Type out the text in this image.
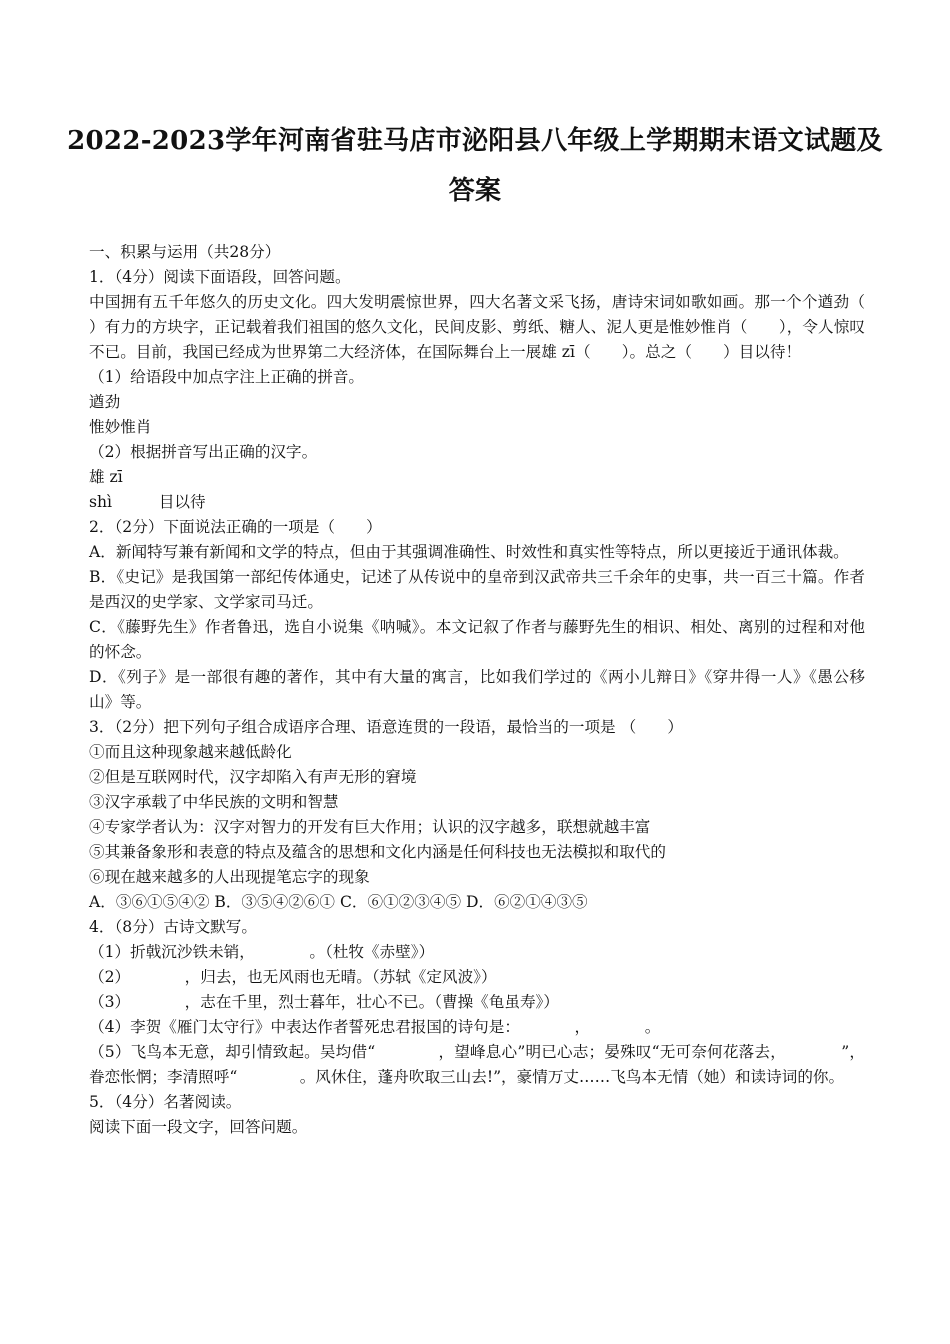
2022-2023学年河南省驻马店市泌阳县八年级上学期期末语文试题及
答案

一、积累与运用（共28分）

1．（4分）阅读下面语段，回答问题。

中国拥有五千年悠久的历史文化。四大发明震惊世界，四大名著文采飞扬，唐诗宋词如歌如画。那一个个遒劲（　　）有力的方块字，正记载着我们祖国的悠久文化，民间皮影、剪纸、糖人、泥人更是惟妙惟肖（　　），令人惊叹不已。目前，我国已经成为世界第二大经济体，在国际舞台上一展雄 zī（　　）。总之（　　）目以待！

（1）给语段中加点字注上正确的拼音。

遒劲

惟妙惟肖

（2）根据拼音写出正确的汉字。

雄 zī

shì　　　目以待

2．（2分）下面说法正确的一项是（　　）

A．新闻特写兼有新闻和文学的特点，但由于其强调准确性、时效性和真实性等特点，所以更接近于通讯体裁。

B．《史记》是我国第一部纪传体通史，记述了从传说中的皇帝到汉武帝共三千余年的史事，共一百三十篇。作者是西汉的史学家、文学家司马迁。

C．《藤野先生》作者鲁迅，选自小说集《呐喊》。本文记叙了作者与藤野先生的相识、相处、离别的过程和对他的怀念。

D．《列子》是一部很有趣的著作，其中有大量的寓言，比如我们学过的《两小儿辩日》《穿井得一人》《愚公移山》等。

3．（2分）把下列句子组合成语序合理、语意连贯的一段语，最恰当的一项是 （　　）

①而且这种现象越来越低龄化

②但是互联网时代，汉字却陷入有声无形的窘境

③汉字承载了中华民族的文明和智慧

④专家学者认为：汉字对智力的开发有巨大作用；认识的汉字越多，联想就越丰富

⑤其兼备象形和表意的特点及蕴含的思想和文化内涵是任何科技也无法模拟和取代的

⑥现在越来越多的人出现提笔忘字的现象

A．③⑥①⑤④② B．③⑤④②⑥① C．⑥①②③④⑤ D．⑥②①④③⑤

4．（8分）古诗文默写。

（1）折戟沉沙铁未销，　　　　。（杜牧《赤壁》）

（2）　　　　，归去，也无风雨也无晴。（苏轼《定风波》）

（3）　　　　，志在千里，烈士暮年，壮心不已。（曹操《龟虽寿》）

（4）李贺《雁门太守行》中表达作者誓死忠君报国的诗句是：　　　　，　　　　。

（5）飞鸟本无意，却引情致起。吴均借“　　　　，望峰息心”明已心志；晏殊叹“无可奈何花落去，　　　　”，眷恋怅惘；李清照呼“　　　　。风休住，蓬舟吹取三山去!”，豪情万丈……飞鸟本无情（她）和读诗词的你。

5．（4分）名著阅读。

阅读下面一段文字，回答问题。
